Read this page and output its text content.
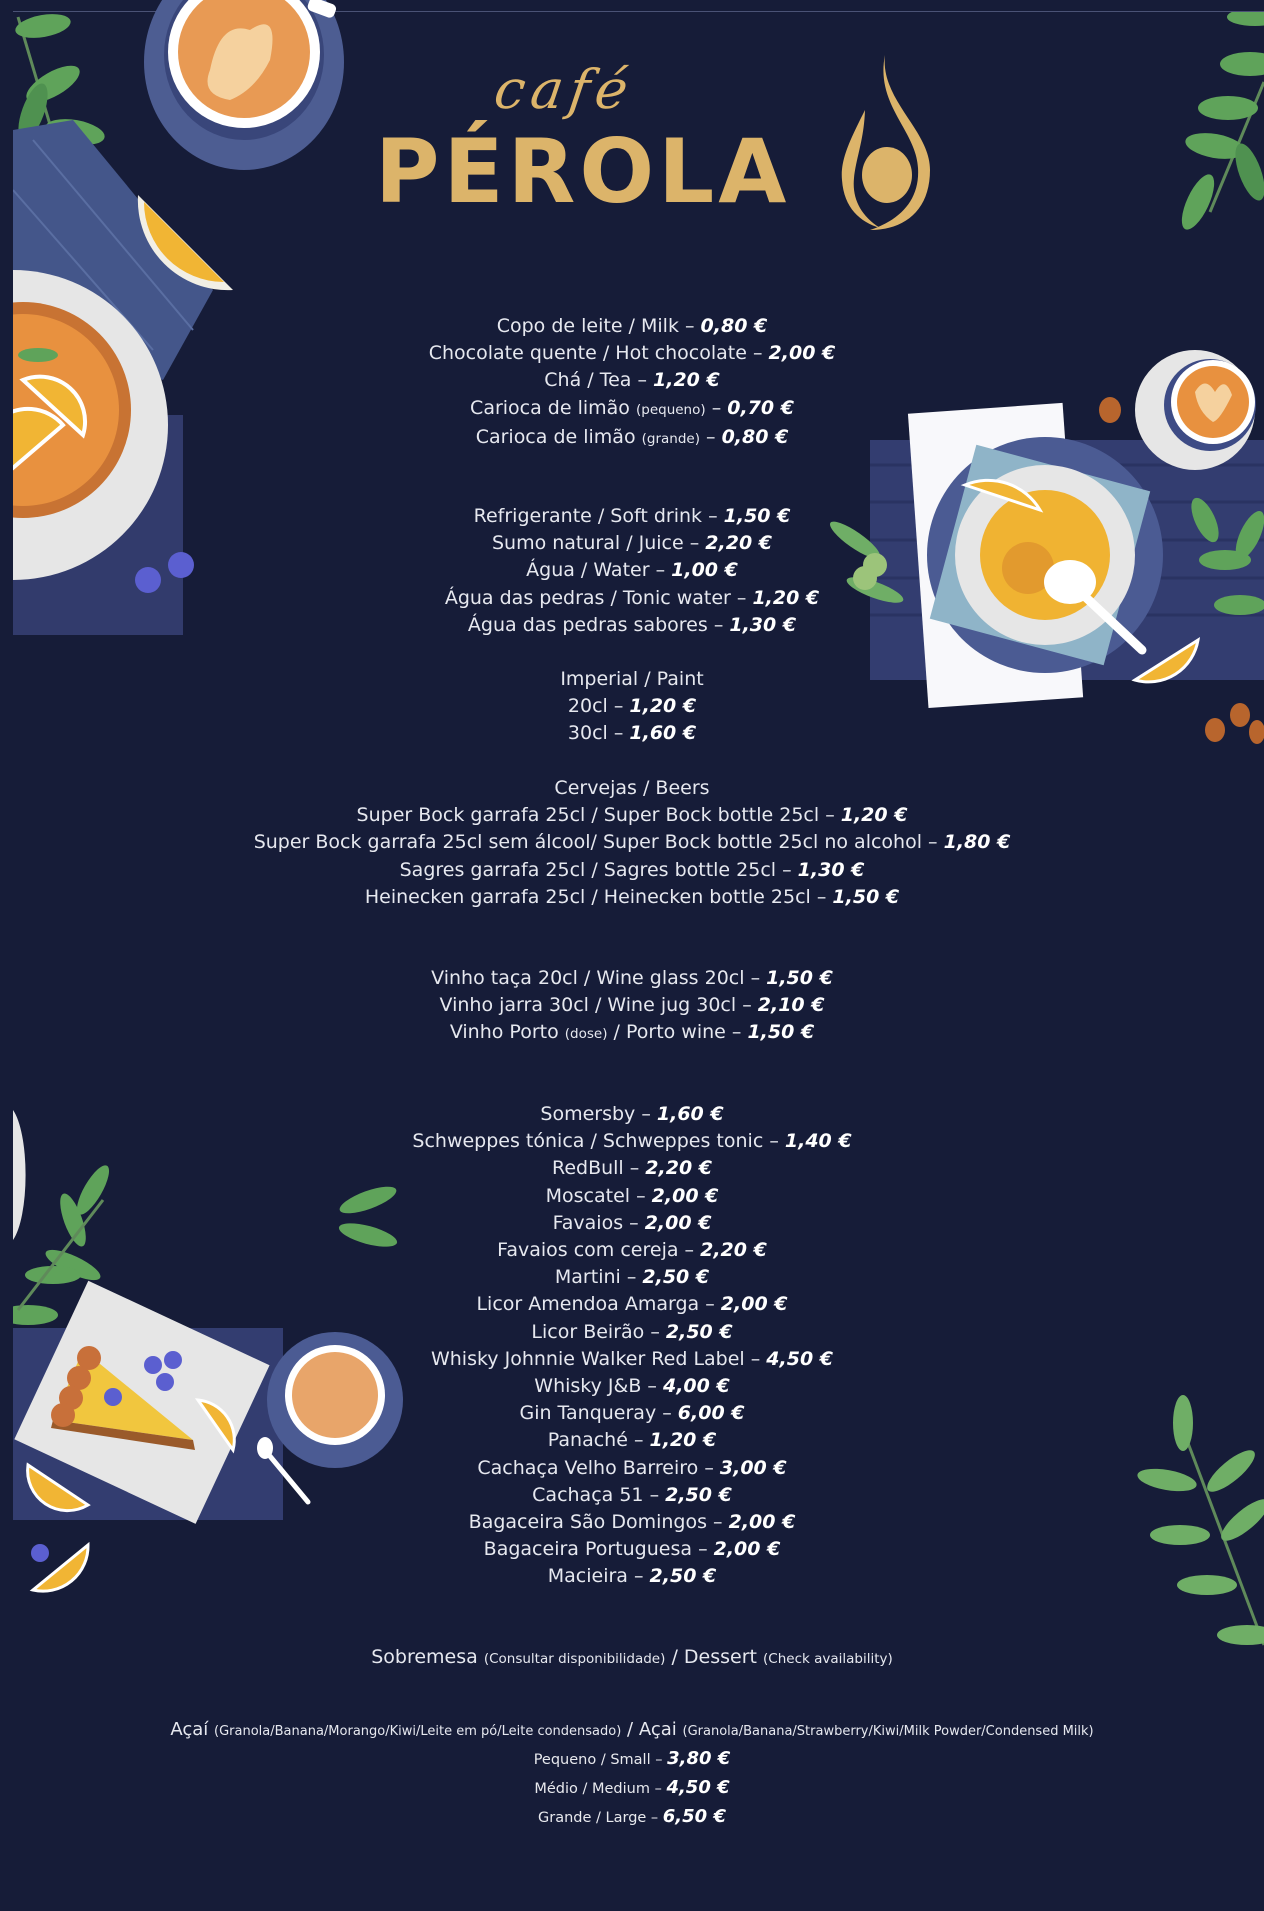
café
PÉROLA
Copo de leite / Milk – 0,80 €
Chocolate quente / Hot chocolate – 2,00 €
Chá / Tea – 1,20 €
Carioca de limão (pequeno) – 0,70 €
Carioca de limão (grande) – 0,80 €
Refrigerante / Soft drink – 1,50 €
Sumo natural / Juice – 2,20 €
Água / Water – 1,00 €
Água das pedras / Tonic water – 1,20 €
Água das pedras sabores – 1,30 €
Imperial / Paint
20cl – 1,20 €
30cl – 1,60 €
Cervejas / Beers
Super Bock garrafa 25cl / Super Bock bottle 25cl – 1,20 €
Super Bock garrafa 25cl sem álcool/ Super Bock bottle 25cl no alcohol – 1,80 €
Sagres garrafa 25cl / Sagres bottle 25cl – 1,30 €
Heinecken garrafa 25cl / Heinecken bottle 25cl – 1,50 €
Vinho taça 20cl / Wine glass 20cl – 1,50 €
Vinho jarra 30cl / Wine jug 30cl – 2,10 €
Vinho Porto (dose) / Porto wine – 1,50 €
Somersby – 1,60 €
Schweppes tónica / Schweppes tonic – 1,40 €
RedBull – 2,20 €
Moscatel – 2,00 €
Favaios – 2,00 €
Favaios com cereja – 2,20 €
Martini – 2,50 €
Licor Amendoa Amarga – 2,00 €
Licor Beirão – 2,50 €
Whisky Johnnie Walker Red Label – 4,50 €
Whisky J&B – 4,00 €
Gin Tanqueray – 6,00 €
Panaché – 1,20 €
Cachaça Velho Barreiro – 3,00 €
Cachaça 51 – 2,50 €
Bagaceira São Domingos – 2,00 €
Bagaceira Portuguesa – 2,00 €
Macieira – 2,50 €
Sobremesa (Consultar disponibilidade) / Dessert (Check availability)
Açaí (Granola/Banana/Morango/Kiwi/Leite em pó/Leite condensado) / Açai (Granola/Banana/Strawberry/Kiwi/Milk Powder/Condensed Milk)
Pequeno / Small – 3,80 €
Médio / Medium – 4,50 €
Grande / Large – 6,50 €
